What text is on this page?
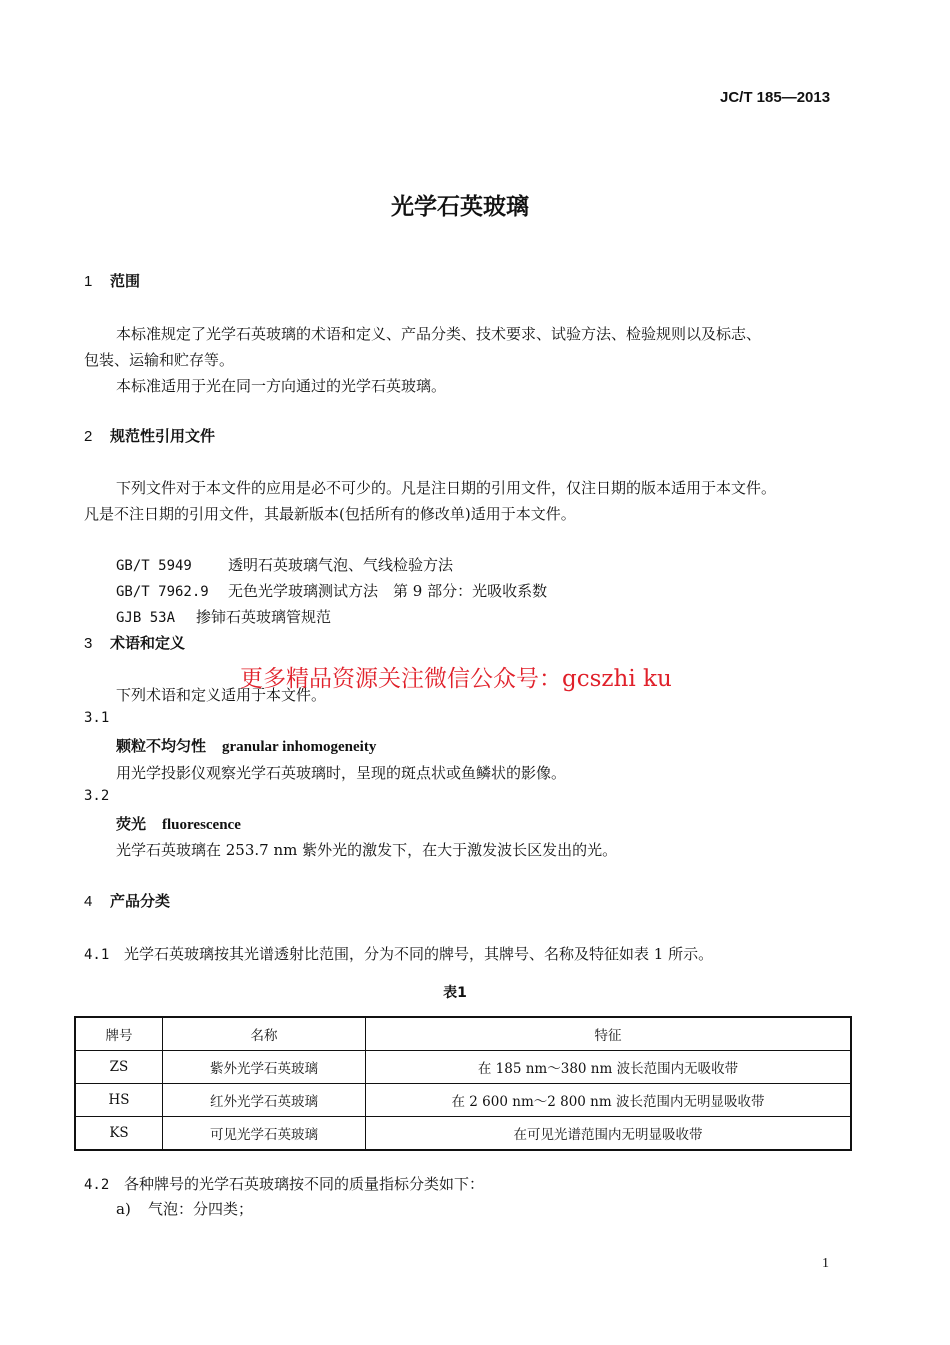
JC/T 185—2013
光学石英玻璃
1 范围
本标准规定了光学石英玻璃的术语和定义、产品分类、技术要求、试验方法、检验规则以及标志、
包装、运输和贮存等。
本标准适用于光在同一方向通过的光学石英玻璃。
2 规范性引用文件
下列文件对于本文件的应用是必不可少的。凡是注日期的引用文件，仅注日期的版本适用于本文件。
凡是不注日期的引用文件，其最新版本(包括所有的修改单)适用于本文件。
GB/T 5949 透明石英玻璃气泡、气线检验方法
GB/T 7962.9 无色光学玻璃测试方法　第 9 部分：光吸收系数
GJB 53A 掺铈石英玻璃管规范
3 术语和定义
下列术语和定义适用于本文件。
更多精品资源关注微信公众号：gcszhi ku
3.1
颗粒不均匀性 granular inhomogeneity
用光学投影仪观察光学石英玻璃时，呈现的斑点状或鱼鳞状的影像。
3.2
荧光 fluorescence
光学石英玻璃在 253.7 nm 紫外光的激发下，在大于激发波长区发出的光。
4 产品分类
4.1 光学石英玻璃按其光谱透射比范围，分为不同的牌号，其牌号、名称及特征如表 1 所示。
表1
牌号	名称	特征
ZS	紫外光学石英玻璃	在 185 nm～380 nm 波长范围内无吸收带
HS	红外光学石英玻璃	在 2 600 nm～2 800 nm 波长范围内无明显吸收带
KS	可见光学石英玻璃	在可见光谱范围内无明显吸收带
4.2 各种牌号的光学石英玻璃按不同的质量指标分类如下：
a) 气泡：分四类；
1
